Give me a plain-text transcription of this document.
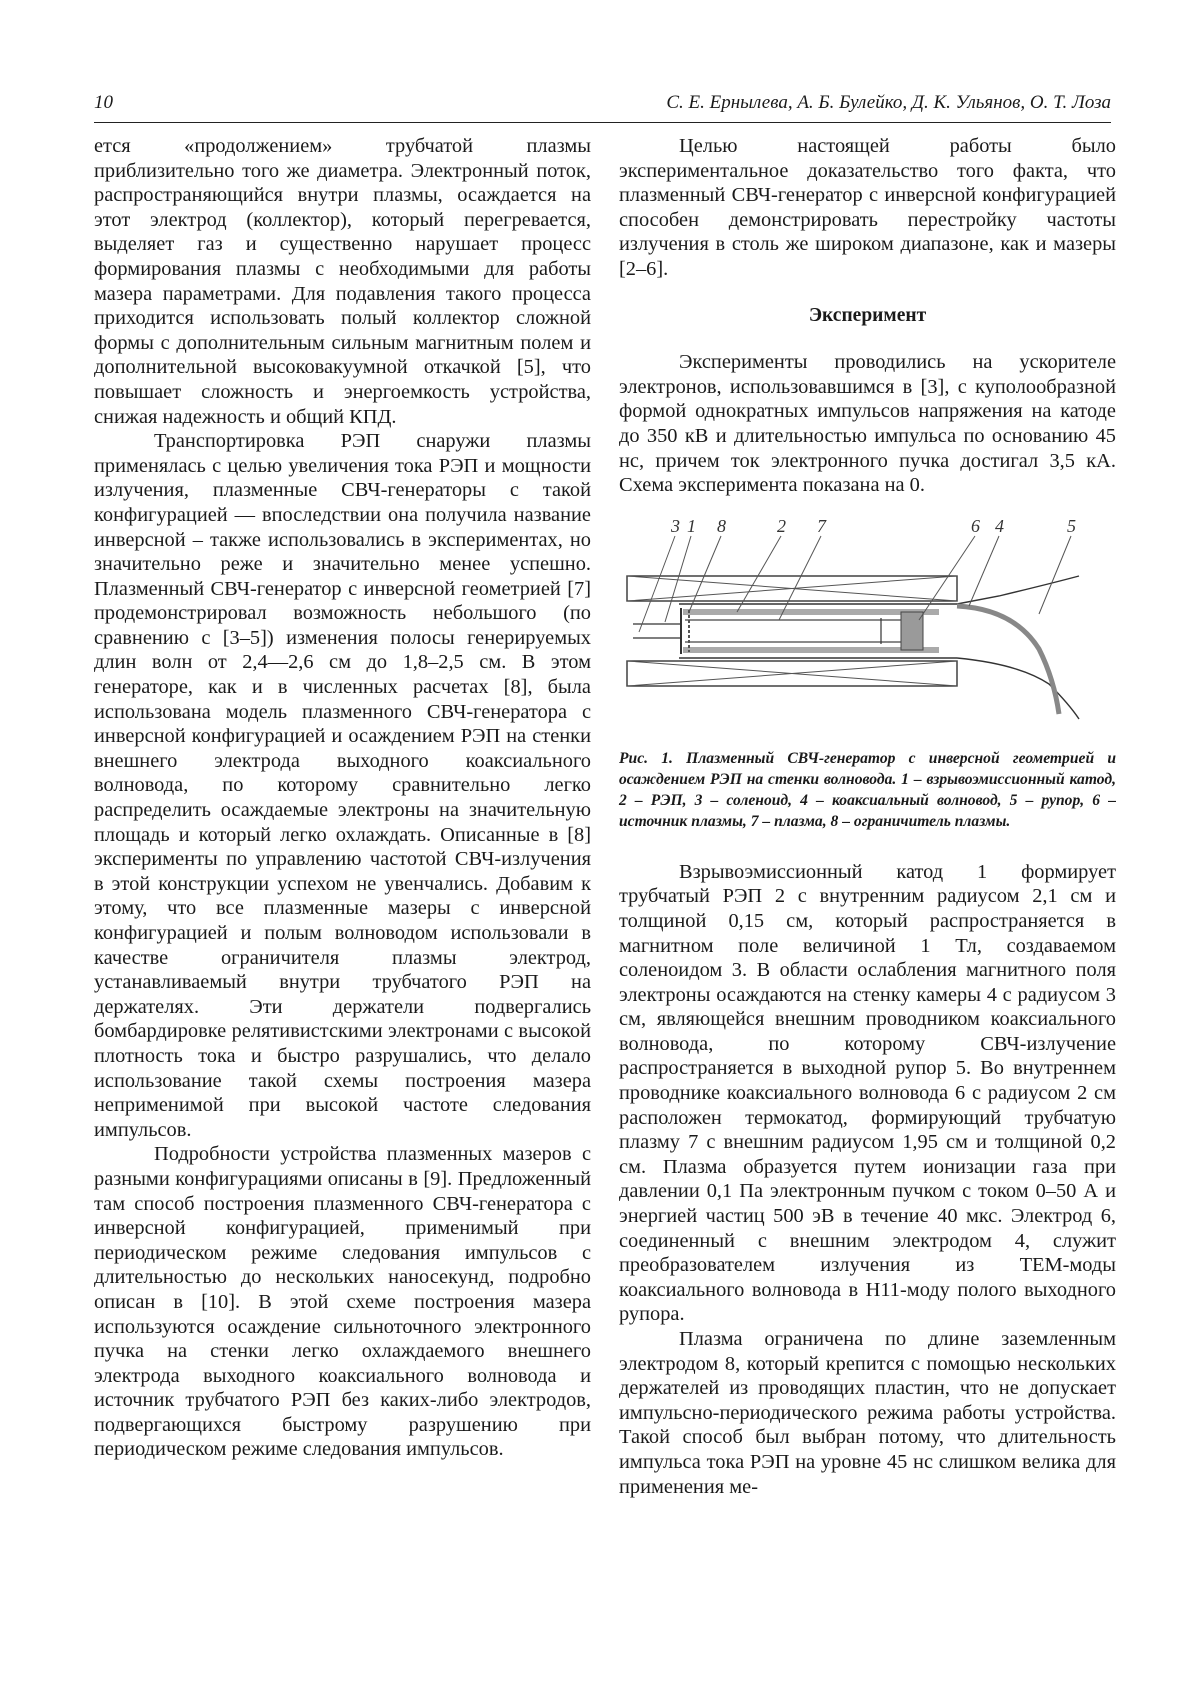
10	С. Е. Ернылева, А. Б. Булейко, Д. К. Ульянов, О. Т. Лоза

ется «продолжением» трубчатой плазмы приблизительно того же диаметра. Электронный поток, распространяющийся внутри плазмы, осаждается на этот электрод (коллектор), который перегревается, выделяет газ и существенно нарушает процесс формирования плазмы с необходимыми для работы мазера параметрами. Для подавления такого процесса приходится использовать полый коллектор сложной формы с дополнительным сильным магнитным полем и дополнительной высоковакуумной откачкой [5], что повышает сложность и энергоемкость устройства, снижая надежность и общий КПД.

Транспортировка РЭП снаружи плазмы применялась с целью увеличения тока РЭП и мощности излучения, плазменные СВЧ-генераторы с такой конфигурацией — впоследствии она получила название инверсной – также использовались в экспериментах, но значительно реже и значительно менее успешно. Плазменный СВЧ-генератор с инверсной геометрией [7] продемонстрировал возможность небольшого (по сравнению с [3–5]) изменения полосы генерируемых длин волн от 2,4—2,6 см до 1,8–2,5 см. В этом генераторе, как и в численных расчетах [8], была использована модель плазменного СВЧ-генератора с инверсной конфигурацией и осаждением РЭП на стенки внешнего электрода выходного коаксиального волновода, по которому сравнительно легко распределить осаждаемые электроны на значительную площадь и который легко охлаждать. Описанные в [8] эксперименты по управлению частотой СВЧ-излучения в этой конструкции успехом не увенчались. Добавим к этому, что все плазменные мазеры с инверсной конфигурацией и полым волноводом использовали в качестве ограничителя плазмы электрод, устанавливаемый внутри трубчатого РЭП на держателях. Эти держатели подвергались бомбардировке релятивистскими электронами с высокой плотность тока и быстро разрушались, что делало использование такой схемы построения мазера неприменимой при высокой частоте следования импульсов.

Подробности устройства плазменных мазеров с разными конфигурациями описаны в [9]. Предложенный там способ построения плазменного СВЧ-генератора с инверсной конфигурацией, применимый при периодическом режиме следования импульсов с длительностью до нескольких наносекунд, подробно описан в [10]. В этой схеме построения мазера используются осаждение сильноточного электронного пучка на стенки легко охлаждаемого внешнего электрода выходного коаксиального волновода и источник трубчатого РЭП без каких-либо электродов, подвергающихся быстрому разрушению при периодическом режиме следования импульсов.

Целью настоящей работы было экспериментальное доказательство того факта, что плазменный СВЧ-генератор с инверсной конфигурацией способен демонстрировать перестройку частоты излучения в столь же широком диапазоне, как и мазеры [2–6].

Эксперимент

Эксперименты проводились на ускорителе электронов, использовавшимся в [3], с куполообразной формой однократных импульсов напряжения на катоде до 350 кВ и длительностью импульса по основанию 45 нс, причем ток электронного пучка достигал 3,5 кА. Схема эксперимента показана на 0.

3 1 8	2 7	6 4	5
Рис. 1. Плазменный СВЧ-генератор с инверсной геометрией и осаждением РЭП на стенки волновода. 1 – взрывоэмиссионный катод, 2 – РЭП, 3 – соленоид, 4 – коаксиальный волновод, 5 – рупор, 6 – источник плазмы, 7 – плазма, 8 – ограничитель плазмы.

Взрывоэмиссионный катод 1 формирует трубчатый РЭП 2 с внутренним радиусом 2,1 см и толщиной 0,15 см, который распространяется в магнитном поле величиной 1 Тл, создаваемом соленоидом 3. В области ослабления магнитного поля электроны осаждаются на стенку камеры 4 с радиусом 3 см, являющейся внешним проводником коаксиального волновода, по которому СВЧ-излучение распространяется в выходной рупор 5. Во внутреннем проводнике коаксиального волновода 6 с радиусом 2 см расположен термокатод, формирующий трубчатую плазму 7 с внешним радиусом 1,95 см и толщиной 0,2 см. Плазма образуется путем ионизации газа при давлении 0,1 Па электронным пучком с током 0–50 А и энергией частиц 500 эВ в течение 40 мкс. Электрод 6, соединенный с внешним электродом 4, служит преобразователем излучения из ТЕМ-моды коаксиального волновода в Н11-моду полого выходного рупора.

Плазма ограничена по длине заземленным электродом 8, который крепится с помощью нескольких держателей из проводящих пластин, что не допускает импульсно-периодического режима работы устройства. Такой способ был выбран потому, что длительность импульса тока РЭП на уровне 45 нс слишком велика для применения ме-
